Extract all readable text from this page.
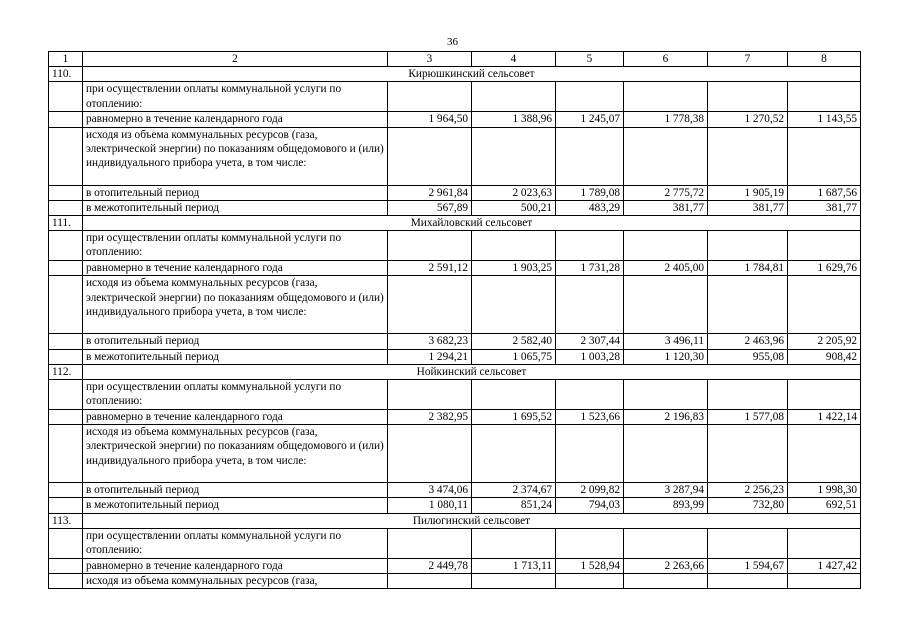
36
1	2	3	4	5	6	7	8
110.	Кирюшкинский сельсовет						
	при осуществлении оплаты коммунальной услуги по отоплению:						
	равномерно в течение календарного года	1 964,50	1 388,96	1 245,07	1 778,38	1 270,52	1 143,55
	исходя из объема коммунальных ресурсов (газа, электрической энергии) по показаниям общедомового и (или) индивидуального прибора учета, в том числе:						
	в отопительный период	2 961,84	2 023,63	1 789,08	2 775,72	1 905,19	1 687,56
	в межотопительный период	567,89	500,21	483,29	381,77	381,77	381,77
111.	Михайловский сельсовет						
	при осуществлении оплаты коммунальной услуги по отоплению:						
	равномерно в течение календарного года	2 591,12	1 903,25	1 731,28	2 405,00	1 784,81	1 629,76
	исходя из объема коммунальных ресурсов (газа, электрической энергии) по показаниям общедомового и (или) индивидуального прибора учета, в том числе:						
	в отопительный период	3 682,23	2 582,40	2 307,44	3 496,11	2 463,96	2 205,92
	в межотопительный период	1 294,21	1 065,75	1 003,28	1 120,30	955,08	908,42
112.	Нойкинский сельсовет						
	при осуществлении оплаты коммунальной услуги по отоплению:						
	равномерно в течение календарного года	2 382,95	1 695,52	1 523,66	2 196,83	1 577,08	1 422,14
	исходя из объема коммунальных ресурсов (газа, электрической энергии) по показаниям общедомового и (или) индивидуального прибора учета, в том числе:						
	в отопительный период	3 474,06	2 374,67	2 099,82	3 287,94	2 256,23	1 998,30
	в межотопительный период	1 080,11	851,24	794,03	893,99	732,80	692,51
113.	Пилюгинский сельсовет						
	при осуществлении оплаты коммунальной услуги по отоплению:						
	равномерно в течение календарного года	2 449,78	1 713,11	1 528,94	2 263,66	1 594,67	1 427,42
	исходя из объема коммунальных ресурсов (газа,						
